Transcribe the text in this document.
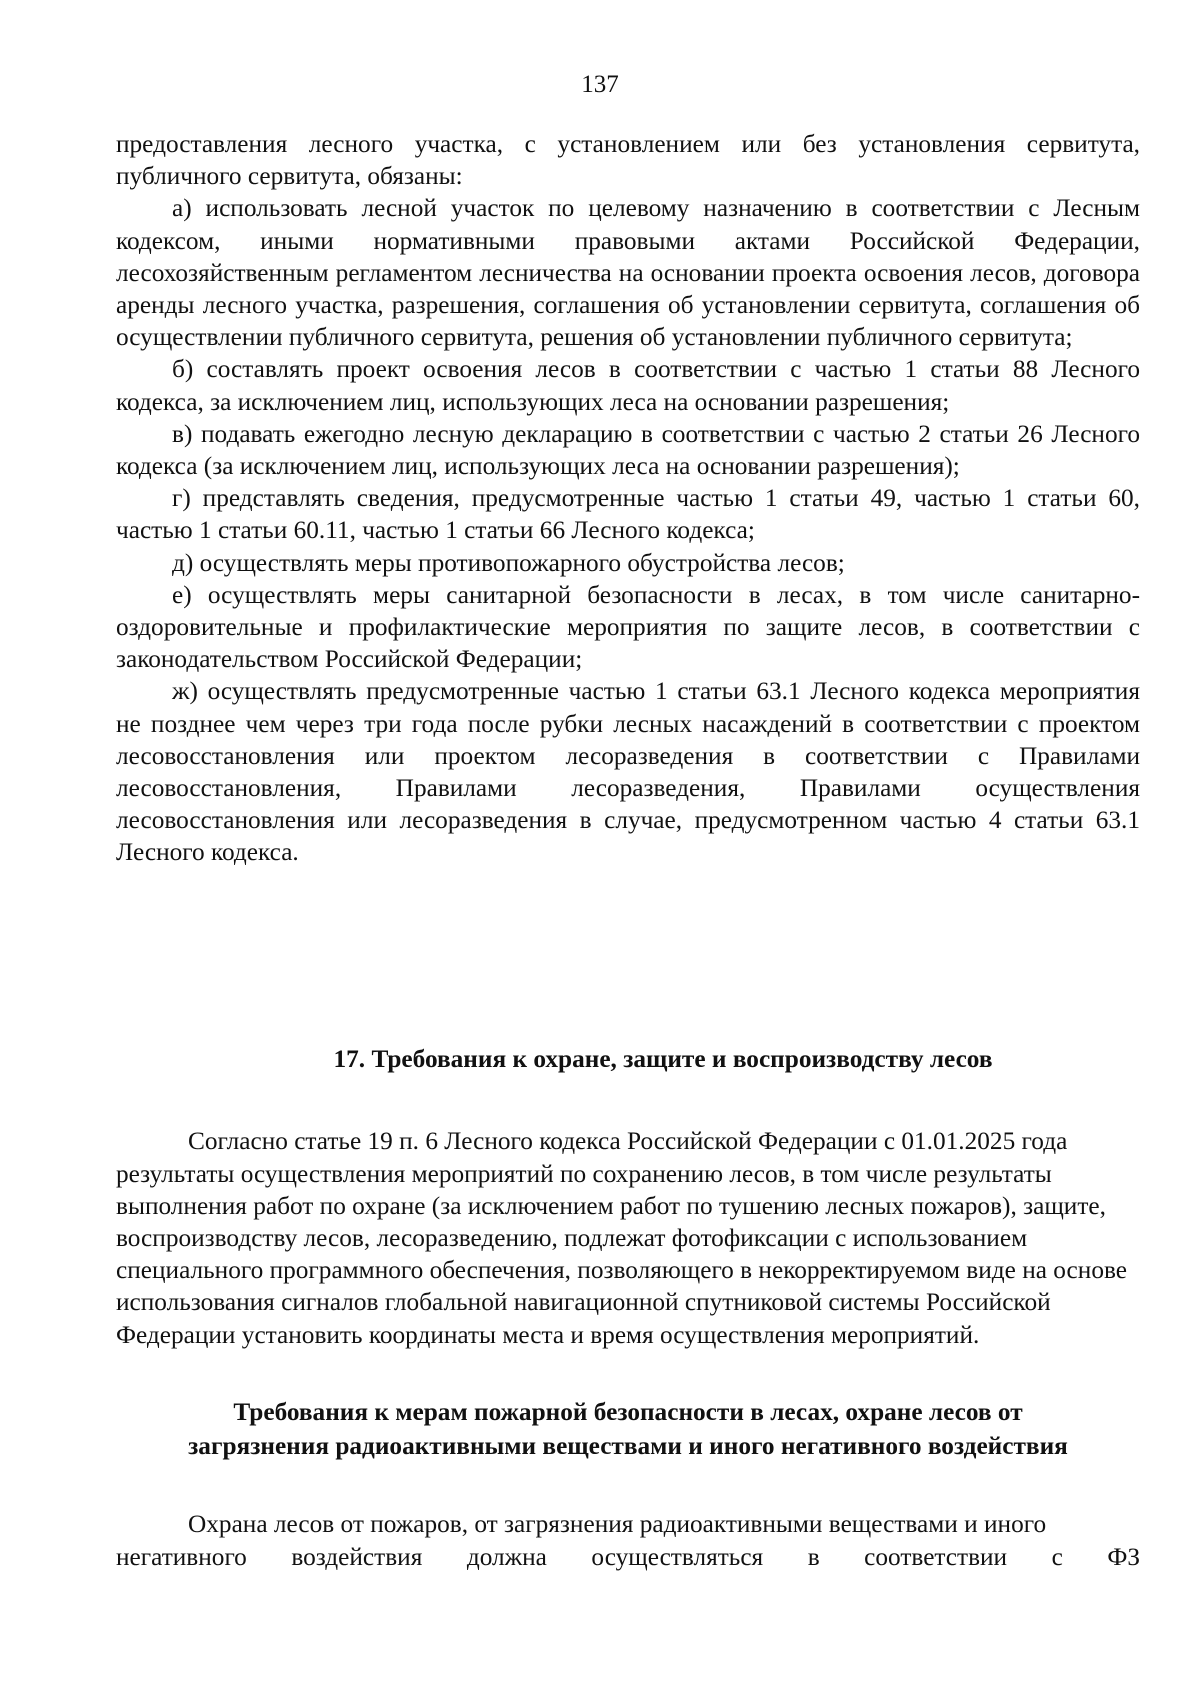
137

предоставления лесного участка, с установлением или без установления сервитута, публичного сервитута, обязаны:

а) использовать лесной участок по целевому назначению в соответствии с Лесным кодексом, иными нормативными правовыми актами Российской Федерации, лесохозяйственным регламентом лесничества на основании проекта освоения лесов, договора аренды лесного участка, разрешения, соглашения об установлении сервитута, соглашения об осуществлении публичного сервитута, решения об установлении публичного сервитута;

б) составлять проект освоения лесов в соответствии с частью 1 статьи 88 Лесного кодекса, за исключением лиц, использующих леса на основании разрешения;

в) подавать ежегодно лесную декларацию в соответствии с частью 2 статьи 26 Лесного кодекса (за исключением лиц, использующих леса на основании разрешения);

г) представлять сведения, предусмотренные частью 1 статьи 49, частью 1 статьи 60, частью 1 статьи 60.11, частью 1 статьи 66 Лесного кодекса;

д) осуществлять меры противопожарного обустройства лесов;

е) осуществлять меры санитарной безопасности в лесах, в том числе санитарно-оздоровительные и профилактические мероприятия по защите лесов, в соответствии с законодательством Российской Федерации;

ж) осуществлять предусмотренные частью 1 статьи 63.1 Лесного кодекса мероприятия не позднее чем через три года после рубки лесных насаждений в соответствии с проектом лесовосстановления или проектом лесоразведения в соответствии с Правилами лесовосстановления, Правилами лесоразведения, Правилами осуществления лесовосстановления или лесоразведения в случае, предусмотренном частью 4 статьи 63.1 Лесного кодекса.

17. Требования к охране, защите и воспроизводству лесов

Согласно статье 19 п. 6 Лесного кодекса Российской Федерации с 01.01.2025 года результаты осуществления мероприятий по сохранению лесов, в том числе результаты выполнения работ по охране (за исключением работ по тушению лесных пожаров), защите, воспроизводству лесов, лесоразведению, подлежат фотофиксации с использованием специального программного обеспечения, позволяющего в некорректируемом виде на основе использования сигналов глобальной навигационной спутниковой системы Российской Федерации установить координаты места и время осуществления мероприятий.

Требования к мерам пожарной безопасности в лесах, охране лесов от
загрязнения радиоактивными веществами и иного негативного воздействия

Охрана лесов от пожаров, от загрязнения радиоактивными веществами и иного негативного воздействия должна осуществляться в соответствии с ФЗ
